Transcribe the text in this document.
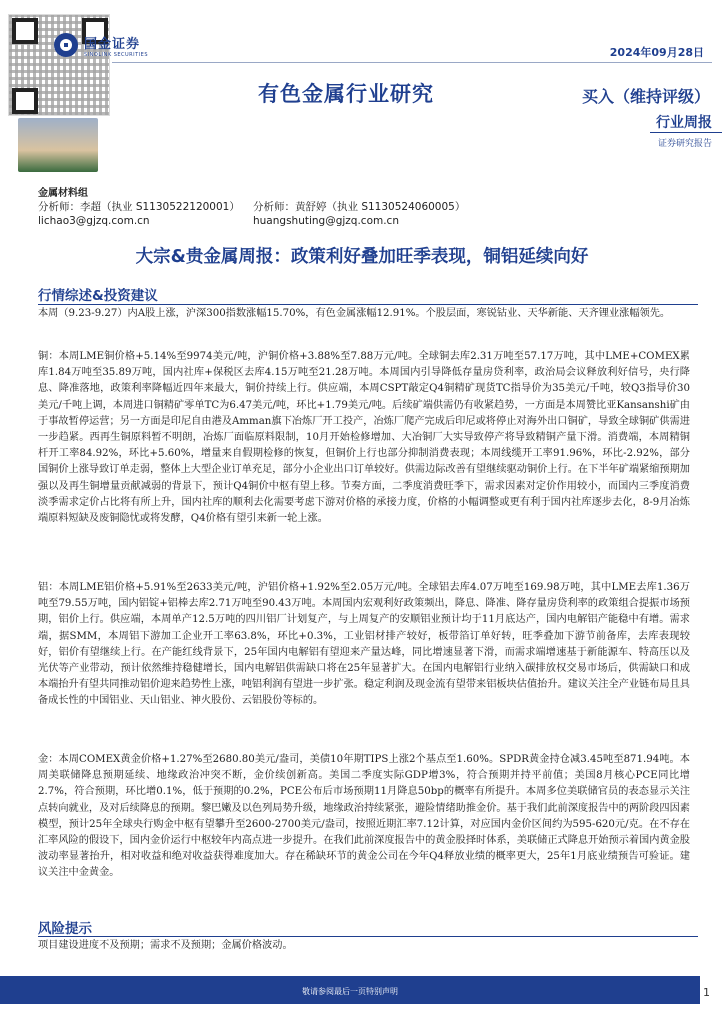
国金证券
SINOLINK SECURITIES	2024年09月28日
有色金属行业研究	买入（维持评级）
行业周报
证券研究报告
金属材料组
分析师：李超（执业 S1130522120001）
lichao3@gjzq.com.cn
分析师：黄舒婷（执业 S1130524060005）
huangshuting@gjzq.com.cn
大宗&贵金属周报：政策利好叠加旺季表现，铜铝延续向好
行情综述&投资建议
本周（9.23-9.27）内A股上涨，沪深300指数涨幅15.70%，有色金属涨幅12.91%。个股层面，寒锐钴业、天华新能、天齐锂业涨幅领先。
铜：本周LME铜价格+5.14%至9974美元/吨，沪铜价格+3.88%至7.88万元/吨。全球铜去库2.31万吨至57.17万吨，其中LME+COMEX累库1.84万吨至35.89万吨，国内社库+保税区去库4.15万吨至21.28万吨。本周国内引导降低存量房贷利率，政治局会议释放利好信号，央行降息、降准落地，政策利率降幅近四年来最大，铜价持续上行。供应端，本周CSPT敲定Q4铜精矿现货TC指导价为35美元/千吨，较Q3指导价30美元/千吨上调，本周进口铜精矿零单TC为6.47美元/吨，环比+1.79美元/吨。后续矿端供需仍有收紧趋势，一方面是本周赞比亚Kansanshi矿由于事故暂停运营；另一方面是印尼自由港及Amman旗下冶炼厂开工投产，冶炼厂爬产完成后印尼或将停止对海外出口铜矿，导致全球铜矿供需进一步趋紧。西再生铜原料暂不明朗，冶炼厂面临原料限制，10月开始检修增加、大冶铜厂大实导致停产将导致精铜产量下滑。消费端，本周精铜杆开工率84.92%，环比+5.60%，增量来自假期检修的恢复，但铜价上行也部分抑制消费表现；本周线缆开工率91.96%，环比-2.92%，部分国铜价上涨导致订单走弱，整体上大型企业订单充足，部分小企业出口订单较好。供需边际改善有望继续驱动铜价上行。在下半年矿端紧缩预期加强以及再生铜增量贡献减弱的背景下，预计Q4铜价中枢有望上移。节奏方面，二季度消费旺季下，需求因素对定价作用较小，而国内三季度消费淡季需求定价占比将有所上升，国内社库的顺利去化需要考虑下游对价格的承接力度，价格的小幅调整或更有利于国内社库逐步去化，8-9月冶炼端原料短缺及废铜隐忧或将发酵，Q4价格有望引来新一轮上涨。
铝：本周LME铝价格+5.91%至2633美元/吨，沪铝价格+1.92%至2.05万元/吨。全球铝去库4.07万吨至169.98万吨，其中LME去库1.36万吨至79.55万吨，国内铝锭+铝棒去库2.71万吨至90.43万吨。本周国内宏观利好政策频出，降息、降准、降存量房贷利率的政策组合提振市场预期，铝价上行。供应端，本周单产12.5万吨的四川铝厂计划复产，与上周复产的安顺铝业预计均于11月底达产，国内电解铝产能稳中有增。需求端，据SMM，本周铝下游加工企业开工率63.8%，环比+0.3%，工业铝材排产较好，板带箔订单好转，旺季叠加下游节前备库，去库表现较好，铝价有望继续上行。在产能红线背景下，25年国内电解铝有望迎来产量达峰，同比增速显著下滑，而需求端增速基于新能源车、特高压以及光伏等产业带动，预计依然维持稳健增长，国内电解铝供需缺口将在25年显著扩大。在国内电解铝行业纳入碳排放权交易市场后，供需缺口和成本端抬升有望共同推动铝价迎来趋势性上涨，吨铝利润有望进一步扩张。稳定利润及现金流有望带来铝板块估值抬升。建议关注全产业链布局且具备成长性的中国铝业、天山铝业、神火股份、云铝股份等标的。
金：本周COMEX黄金价格+1.27%至2680.80美元/盎司，美债10年期TIPS上涨2个基点至1.60%。SPDR黄金持仓减3.45吨至871.94吨。本周美联储降息预期延续、地缘政治冲突不断，金价续创新高。美国二季度实际GDP增3%，符合预期并持平前值；美国8月核心PCE同比增2.7%，符合预期，环比增0.1%，低于预期的0.2%，PCE公布后市场预期11月降息50bp的概率有所提升。本周多位美联储官员的表态显示关注点转向就业，及对后续降息的预期。黎巴嫩及以色列局势升级，地缘政治持续紧张，避险情绪助推金价。基于我们此前深度报告中的两阶段四因素模型，预计25年全球央行购金中枢有望攀升至2600-2700美元/盎司，按照近期汇率7.12计算，对应国内金价区间约为595-620元/克。在不存在汇率风险的假设下，国内金价运行中枢较年内高点进一步提升。在我们此前深度报告中的黄金股择时体系，美联储正式降息开始预示着国内黄金股波动率显著抬升，相对收益和绝对收益获得难度加大。存在稀缺环节的黄金公司在今年Q4释放业绩的概率更大，25年1月底业绩预告可验证。建议关注中金黄金。
风险提示
项目建设进度不及预期；需求不及预期；金属价格波动。
敬请参阅最后一页特别声明	1
